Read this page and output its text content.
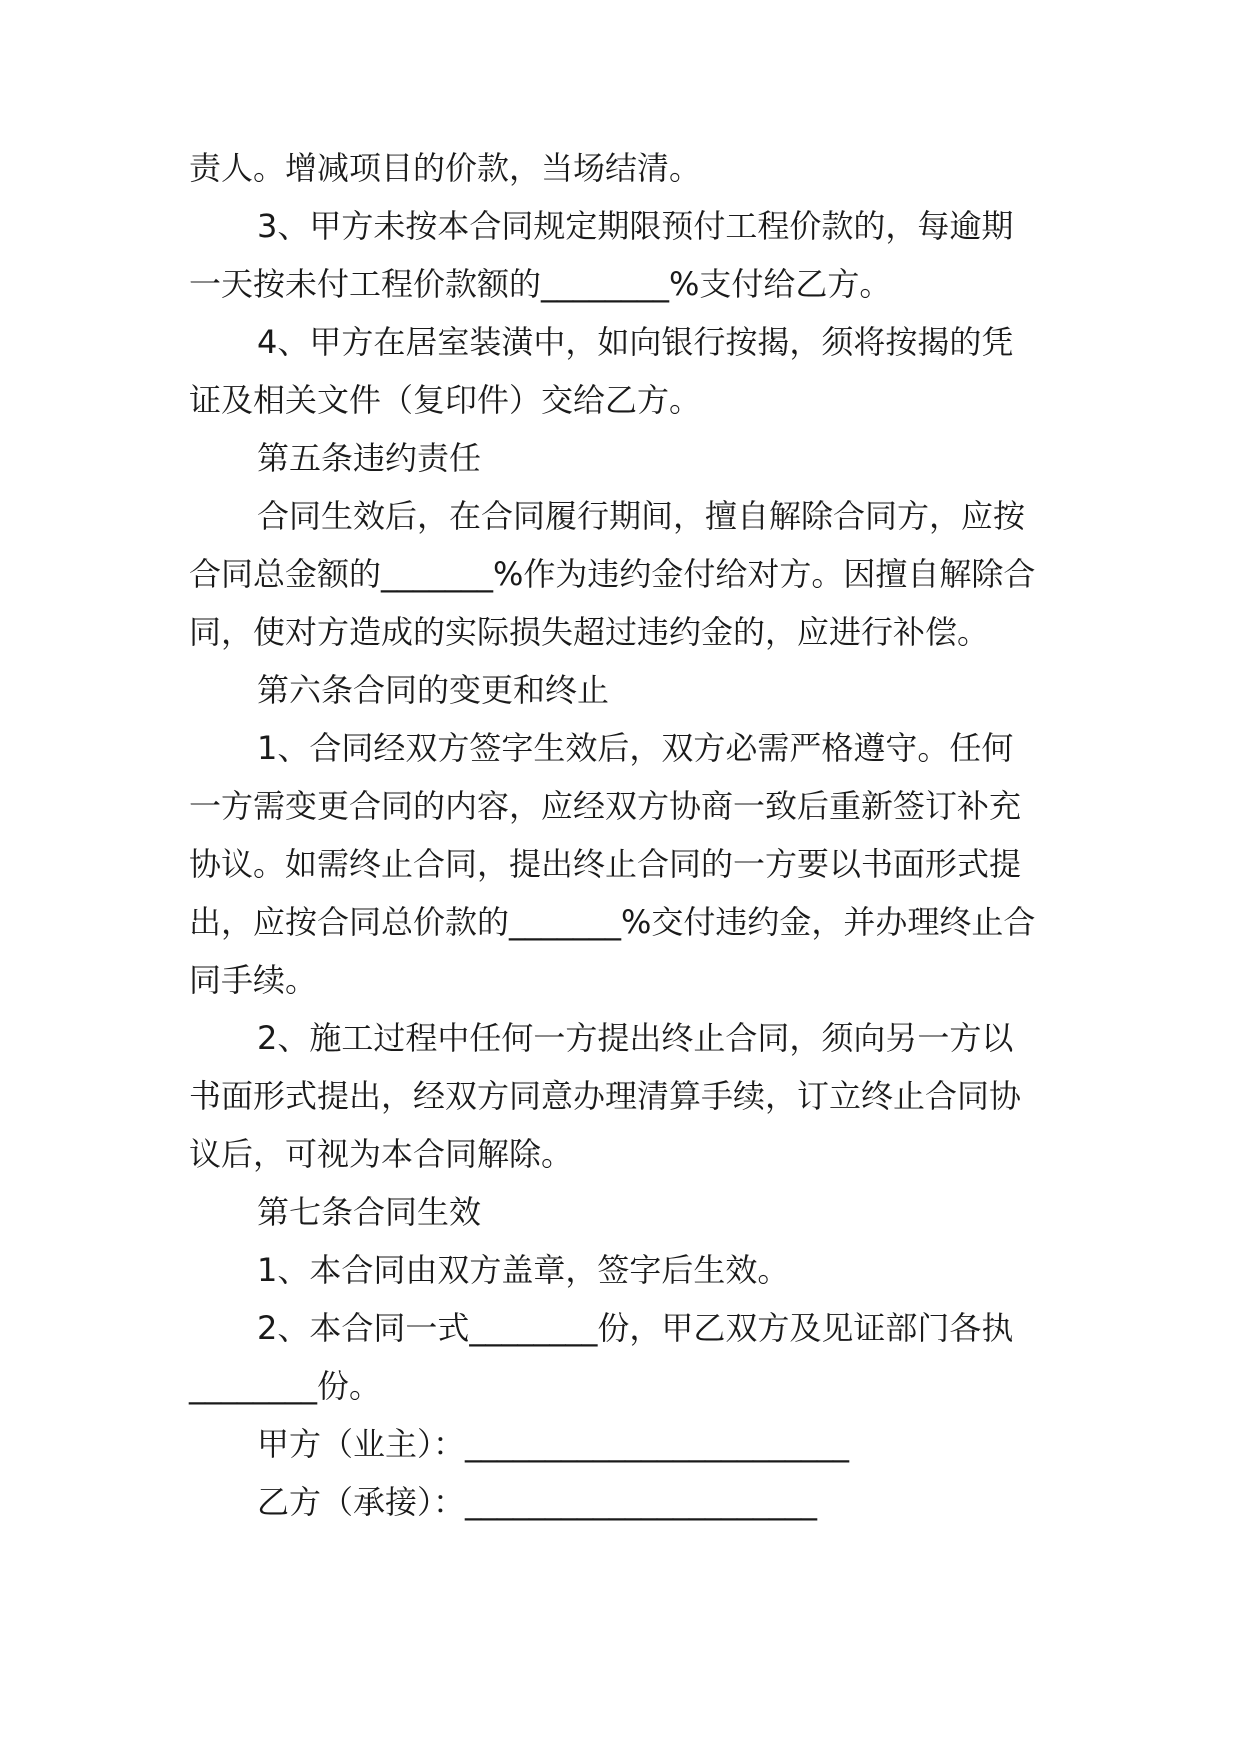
责人。增减项目的价款，当场结清。
3、甲方未按本合同规定期限预付工程价款的，每逾期
一天按未付工程价款额的________%支付给乙方。
4、甲方在居室装潢中，如向银行按揭，须将按揭的凭
证及相关文件（复印件）交给乙方。
第五条违约责任
合同生效后，在合同履行期间，擅自解除合同方，应按
合同总金额的_______%作为违约金付给对方。因擅自解除合
同，使对方造成的实际损失超过违约金的，应进行补偿。
第六条合同的变更和终止
1、合同经双方签字生效后，双方必需严格遵守。任何
一方需变更合同的内容，应经双方协商一致后重新签订补充
协议。如需终止合同，提出终止合同的一方要以书面形式提
出，应按合同总价款的_______%交付违约金，并办理终止合
同手续。
2、施工过程中任何一方提出终止合同，须向另一方以
书面形式提出，经双方同意办理清算手续，订立终止合同协
议后，可视为本合同解除。
第七条合同生效
1、本合同由双方盖章，签字后生效。
2、本合同一式________份，甲乙双方及见证部门各执
________份。
甲方（业主）：________________________
乙方（承接）：______________________
